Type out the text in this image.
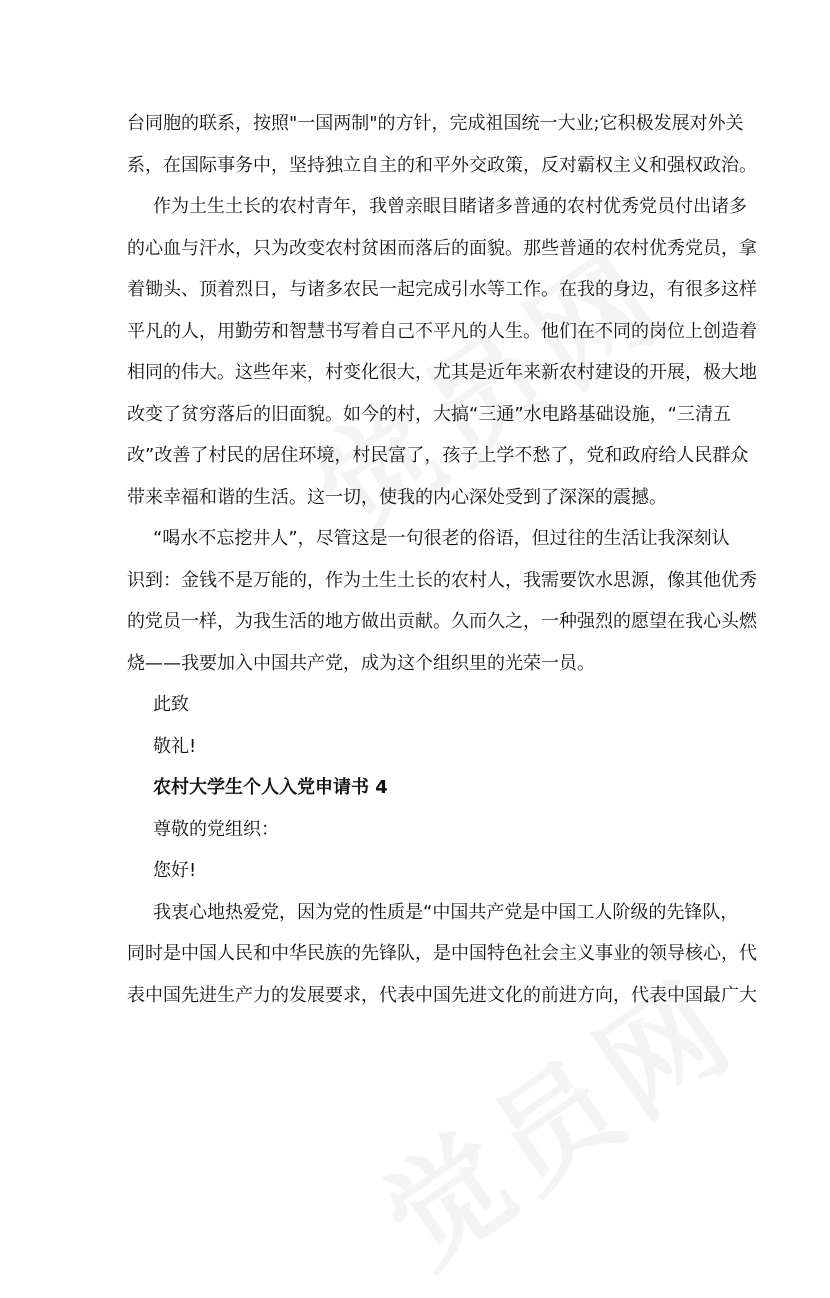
台同胞的联系，按照"一国两制"的方针，完成祖国统一大业;它积极发展对外关
系，在国际事务中，坚持独立自主的和平外交政策，反对霸权主义和强权政治。
作为土生土长的农村青年，我曾亲眼目睹诸多普通的农村优秀党员付出诸多
的心血与汗水，只为改变农村贫困而落后的面貌。那些普通的农村优秀党员，拿
着锄头、顶着烈日，与诸多农民一起完成引水等工作。在我的身边，有很多这样
平凡的人，用勤劳和智慧书写着自己不平凡的人生。他们在不同的岗位上创造着
相同的伟大。这些年来，村变化很大，尤其是近年来新农村建设的开展，极大地
改变了贫穷落后的旧面貌。如今的村，大搞“三通”水电路基础设施，“三清五
改”改善了村民的居住环境，村民富了，孩子上学不愁了，党和政府给人民群众
带来幸福和谐的生活。这一切，使我的内心深处受到了深深的震撼。
“喝水不忘挖井人”，尽管这是一句很老的俗语，但过往的生活让我深刻认
识到：金钱不是万能的，作为土生土长的农村人，我需要饮水思源，像其他优秀
的党员一样，为我生活的地方做出贡献。久而久之，一种强烈的愿望在我心头燃
烧——我要加入中国共产党，成为这个组织里的光荣一员。
此致
敬礼!
农村大学生个人入党申请书 4
尊敬的党组织：
您好!
我衷心地热爱党，因为党的性质是“中国共产党是中国工人阶级的先锋队，
同时是中国人民和中华民族的先锋队，是中国特色社会主义事业的领导核心，代
表中国先进生产力的发展要求，代表中国先进文化的前进方向，代表中国最广大
